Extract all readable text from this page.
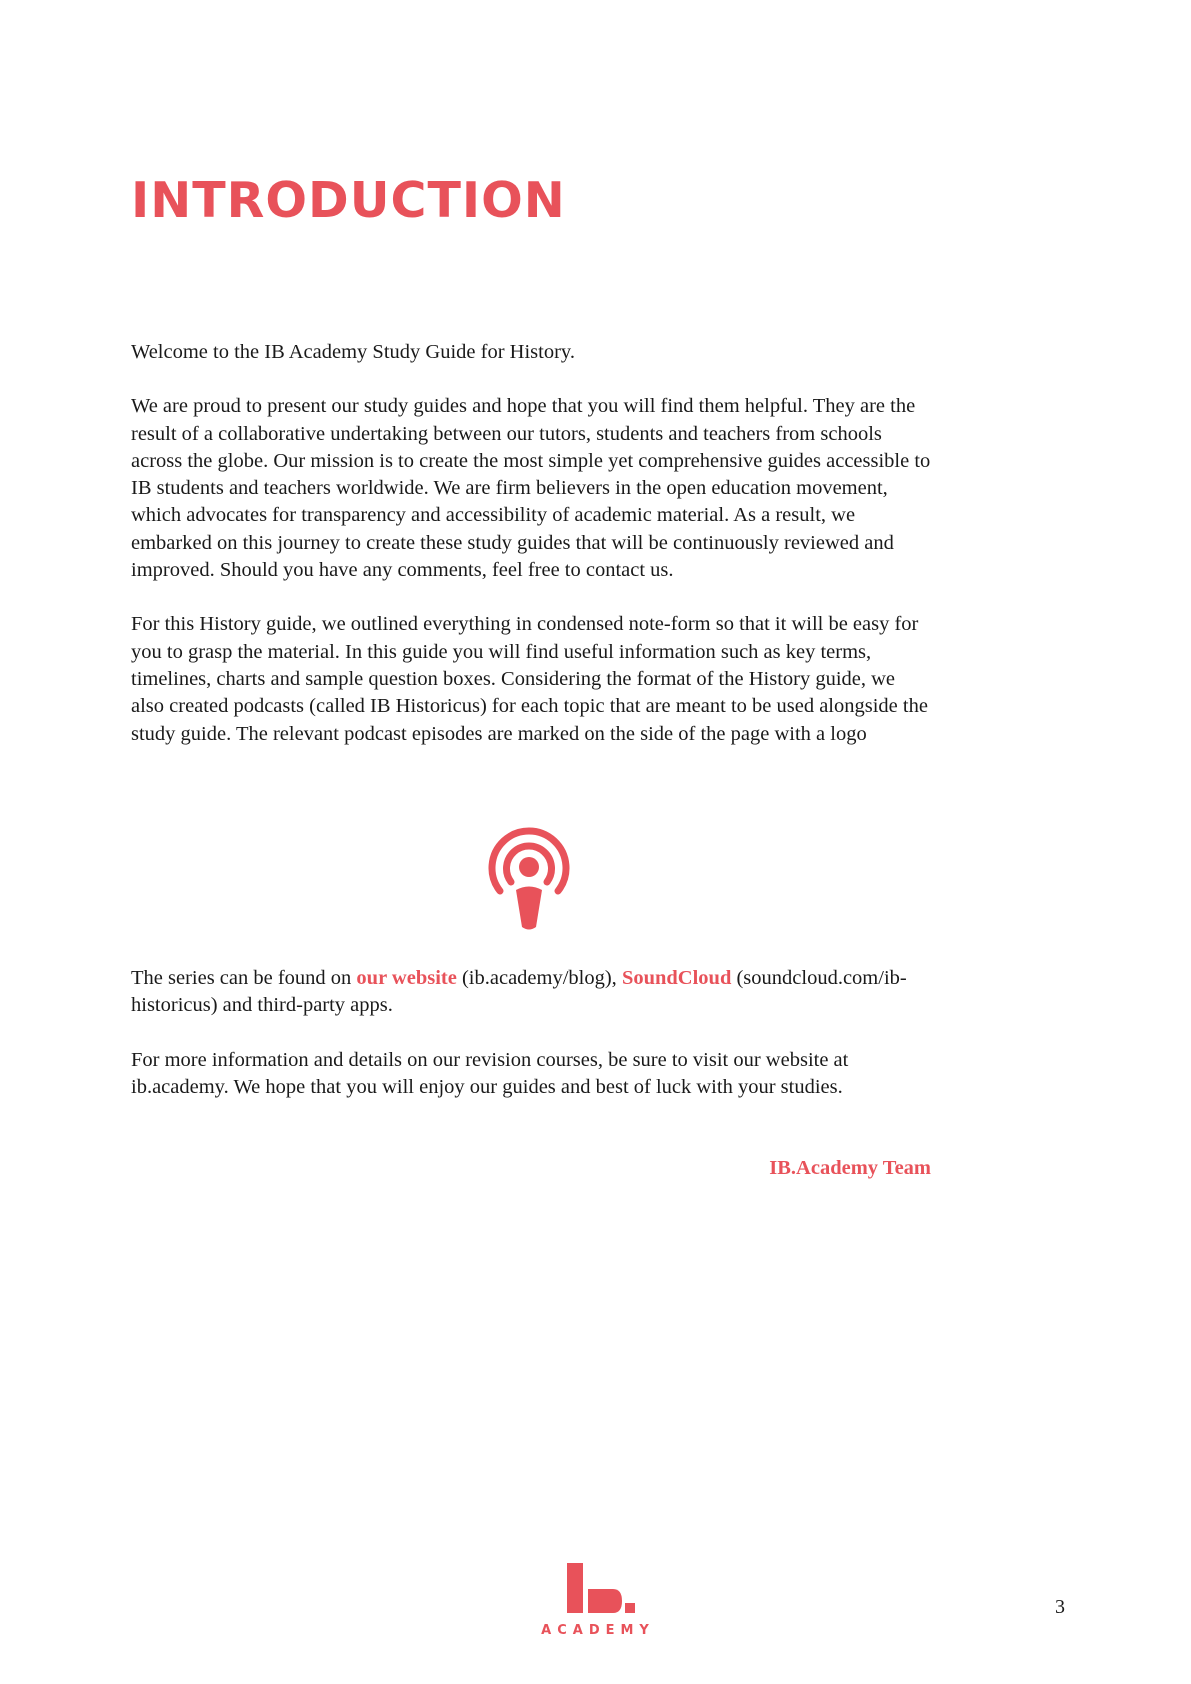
INTRODUCTION

Welcome to the IB Academy Study Guide for History.

We are proud to present our study guides and hope that you will find them helpful. They are the result of a collaborative undertaking between our tutors, students and teachers from schools across the globe. Our mission is to create the most simple yet comprehensive guides accessible to IB students and teachers worldwide. We are firm believers in the open education movement, which advocates for transparency and accessibility of academic material. As a result, we embarked on this journey to create these study guides that will be continuously reviewed and improved. Should you have any comments, feel free to contact us.

For this History guide, we outlined everything in condensed note-form so that it will be easy for you to grasp the material. In this guide you will find useful information such as key terms, timelines, charts and sample question boxes. Considering the format of the History guide, we also created podcasts (called IB Historicus) for each topic that are meant to be used alongside the study guide. The relevant podcast episodes are marked on the side of the page with a logo

The series can be found on our website (ib.academy/blog), SoundCloud (soundcloud.com/ib-historicus) and third-party apps.

For more information and details on our revision courses, be sure to visit our website at ib.academy. We hope that you will enjoy our guides and best of luck with your studies.

IB.Academy Team
ACADEMY
3
